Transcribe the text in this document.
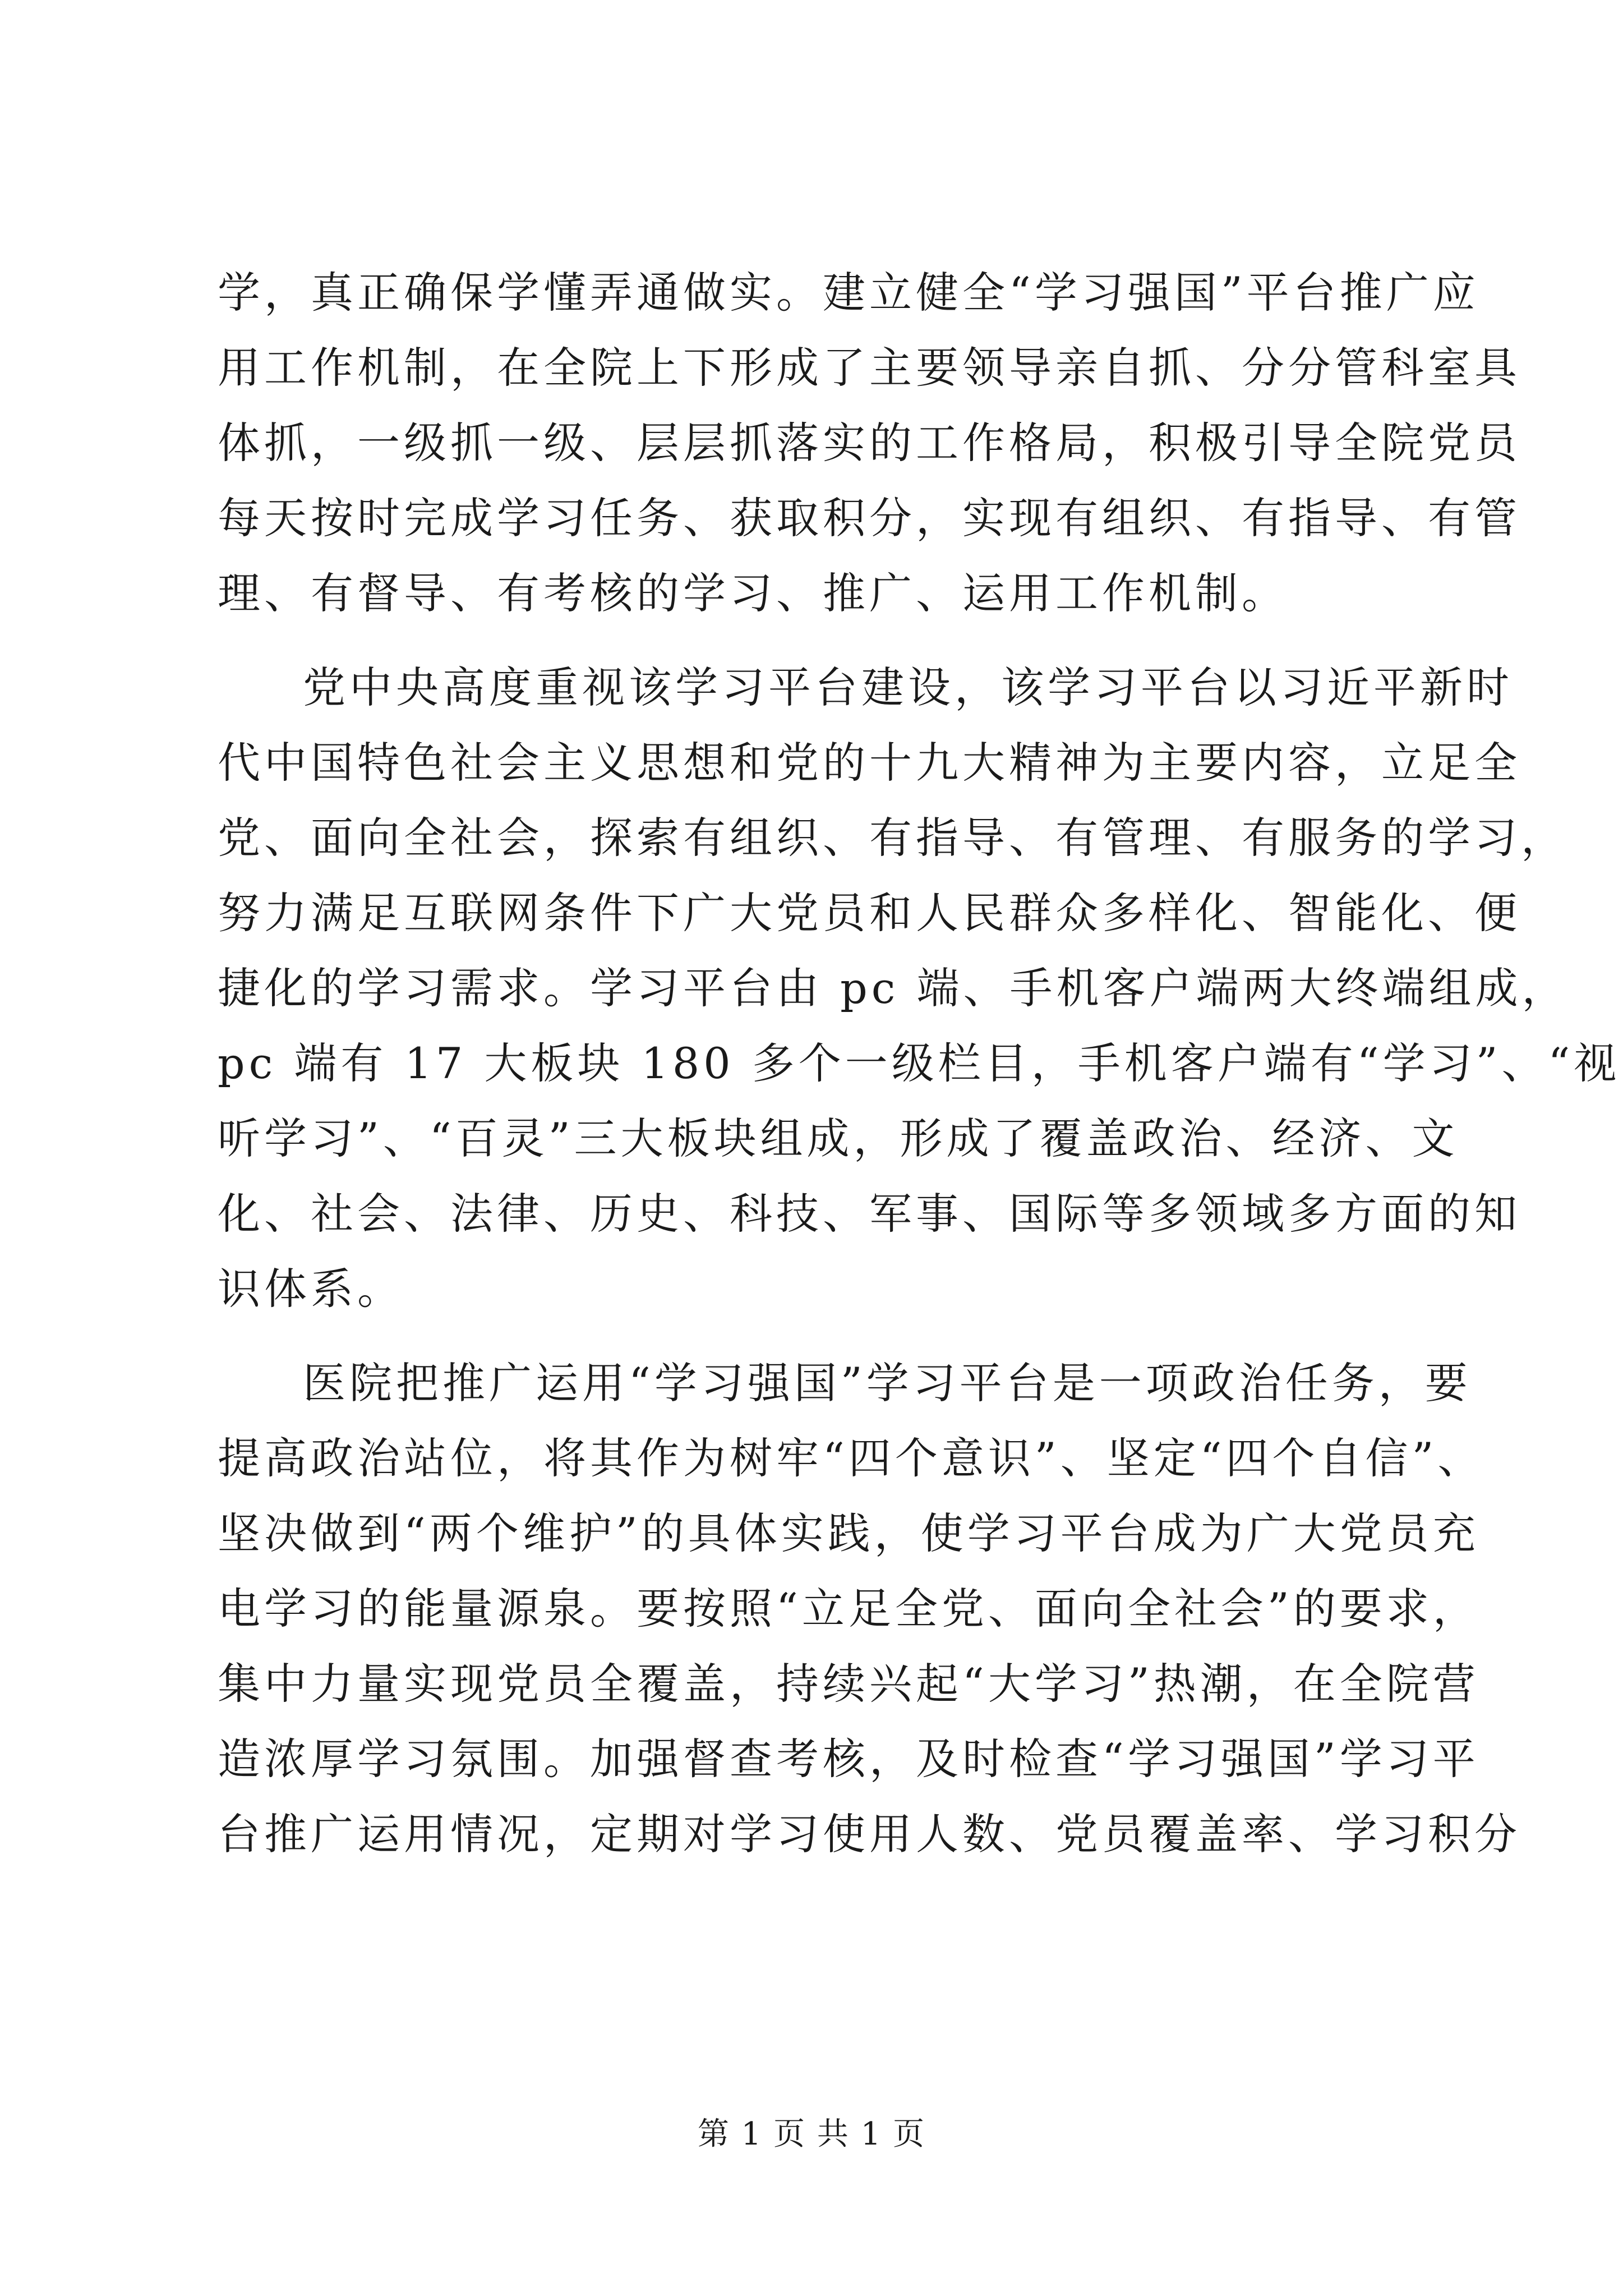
学，真正确保学懂弄通做实。建立健全“学习强国”平台推广应
用工作机制，在全院上下形成了主要领导亲自抓、分分管科室具
体抓，一级抓一级、层层抓落实的工作格局，积极引导全院党员
每天按时完成学习任务、获取积分，实现有组织、有指导、有管
理、有督导、有考核的学习、推广、运用工作机制。
党中央高度重视该学习平台建设，该学习平台以习近平新时
代中国特色社会主义思想和党的十九大精神为主要内容，立足全
党、面向全社会，探索有组织、有指导、有管理、有服务的学习，
努力满足互联网条件下广大党员和人民群众多样化、智能化、便
捷化的学习需求。学习平台由 pc 端、手机客户端两大终端组成，
pc 端有 17 大板块 180 多个一级栏目，手机客户端有“学习”、“视
听学习”、“百灵”三大板块组成，形成了覆盖政治、经济、文
化、社会、法律、历史、科技、军事、国际等多领域多方面的知
识体系。
医院把推广运用“学习强国”学习平台是一项政治任务，要
提高政治站位，将其作为树牢“四个意识”、坚定“四个自信”、
坚决做到“两个维护”的具体实践，使学习平台成为广大党员充
电学习的能量源泉。要按照“立足全党、面向全社会”的要求，
集中力量实现党员全覆盖，持续兴起“大学习”热潮，在全院营
造浓厚学习氛围。加强督查考核，及时检查“学习强国”学习平
台推广运用情况，定期对学习使用人数、党员覆盖率、学习积分
第 1 页 共 1 页
